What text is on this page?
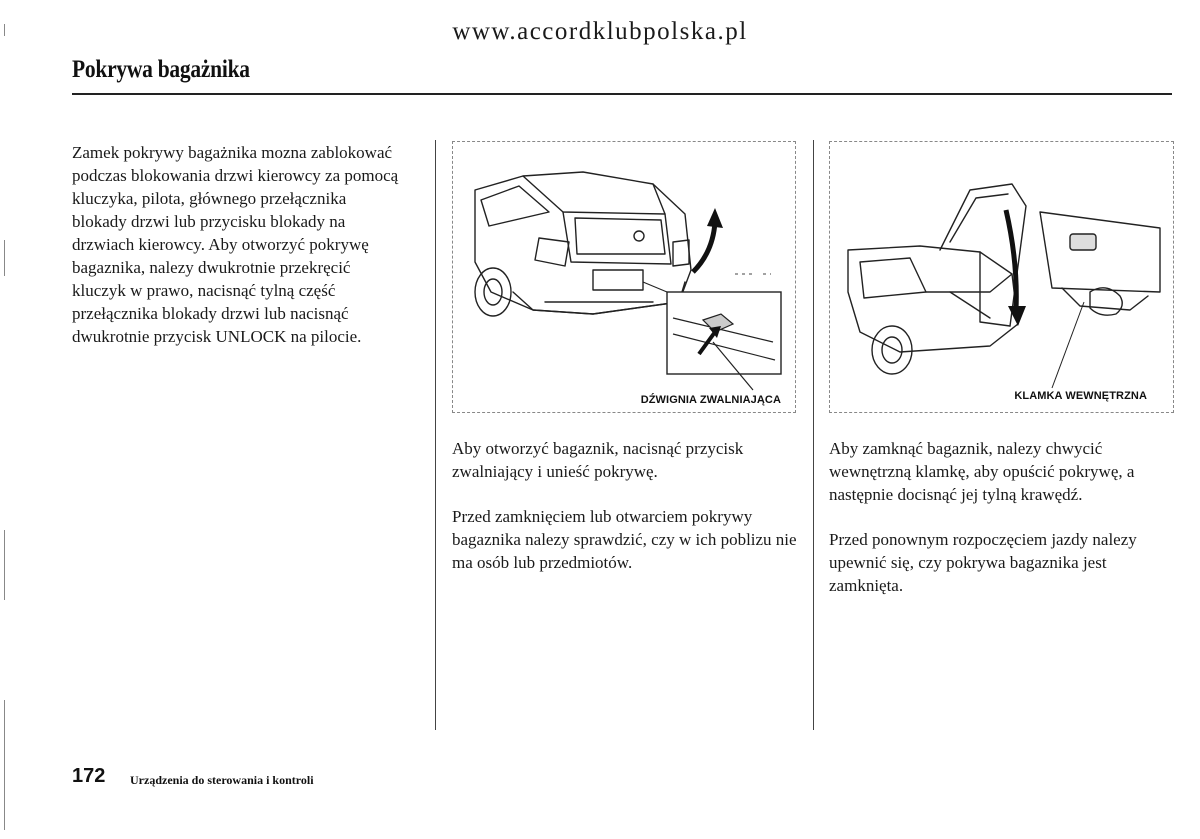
www.accordklubpolska.pl
Pokrywa bagażnika

Zamek pokrywy bagażnika mozna zablokować podczas blokowania drzwi kierowcy za pomocą kluczyka, pilota, głównego przełącznika blokady drzwi lub przycisku blokady na drzwiach kierowcy. Aby otworzyć pokrywę bagaznika, nalezy dwukrotnie przekręcić kluczyk w prawo, nacisnąć tylną część przełącznika blokady drzwi lub nacisnąć dwukrotnie przycisk UNLOCK na pilocie.

DŹWIGNIA ZWALNIAJĄCA	KLAMKA WEWNĘTRZNA

Aby otworzyć bagaznik, nacisnąć przycisk zwalniający i unieść pokrywę.

Przed zamknięciem lub otwarciem pokrywy bagaznika nalezy sprawdzić, czy w ich poblizu nie ma osób lub przedmiotów.

Aby zamknąć bagaznik, nalezy chwycić wewnętrzną klamkę, aby opuścić pokrywę, a następnie docisnąć jej tylną krawędź.

Przed ponownym rozpoczęciem jazdy nalezy upewnić się, czy pokrywa bagaznika jest zamknięta.

172 Urządzenia do sterowania i kontroli
